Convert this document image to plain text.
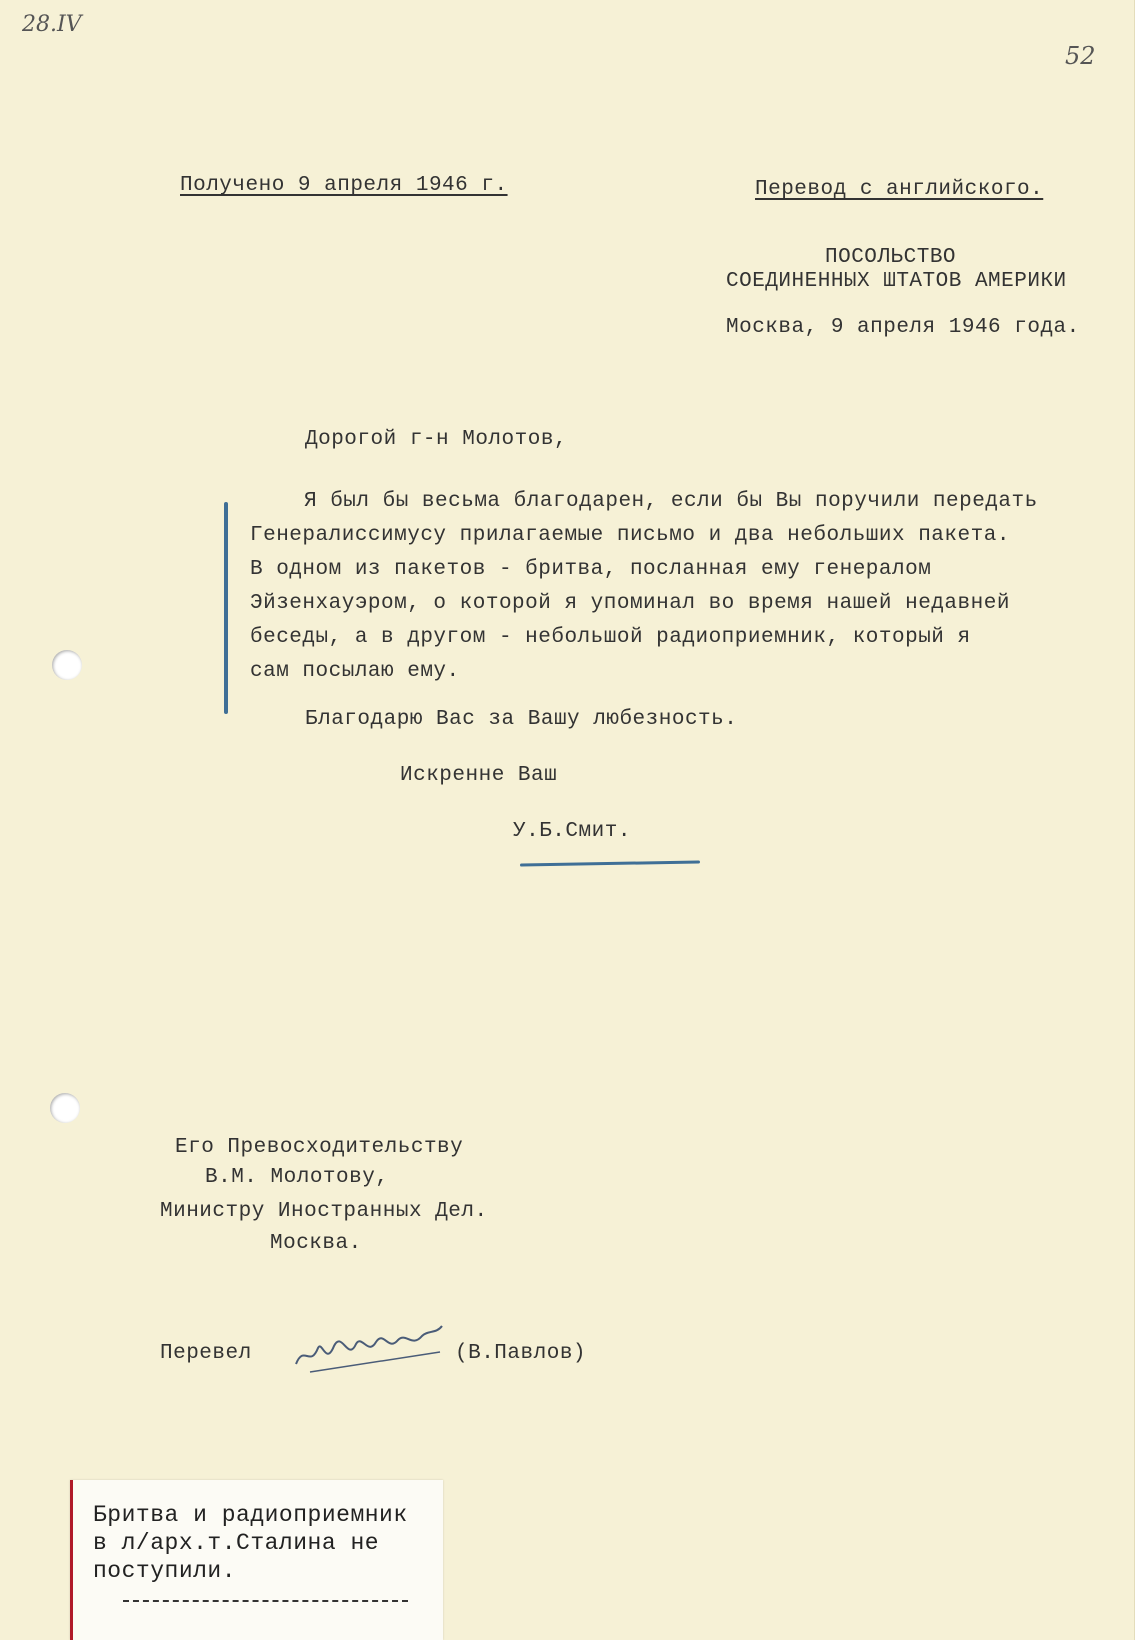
28.IV
52
Получено 9 апреля 1946 г.	Перевод с английского.
ПОСОЛЬСТВО
СОЕДИНЕННЫХ ШТАТОВ АМЕРИКИ
Москва, 9 апреля 1946 года.
Дорогой г-н Молотов,
Я был бы весьма благодарен, если бы Вы поручили передать
Генералиссимусу прилагаемые письмо и два небольших пакета.
В одном из пакетов - бритва, посланная ему генералом
Эйзенхауэром, о которой я упоминал во время нашей недавней
беседы, а в другом - небольшой радиоприемник, который я
сам посылаю ему.
Благодарю Вас за Вашу любезность.
Искренне Ваш
У.Б.Смит.
Его Превосходительству
В.М. Молотову,
Министру Иностранных Дел.
Москва.
Перевел	(В.Павлов)
Бритва и радиоприемник
в л/арх.т.Сталина не
поступили.
